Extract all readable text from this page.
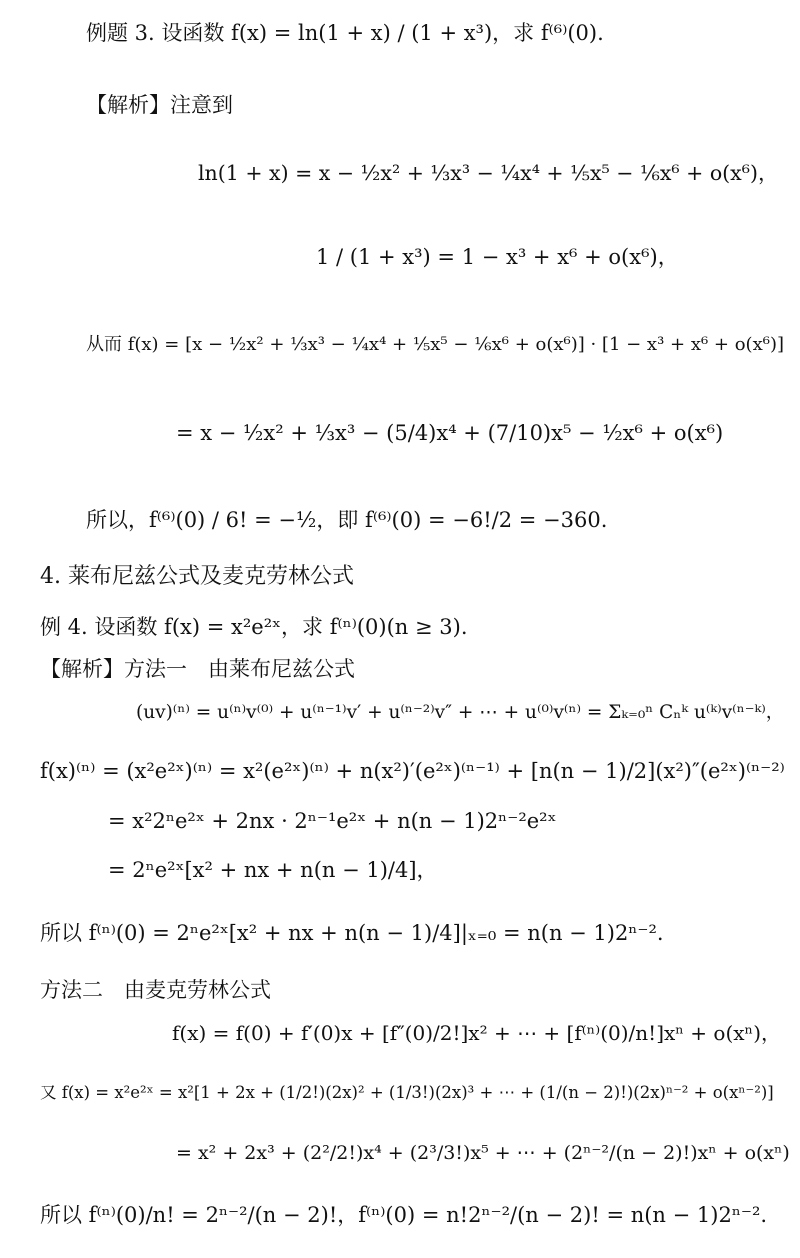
例题 3. 设函数 f(x) = ln(1 + x) / (1 + x³)，求 f⁽⁶⁾(0).
【解析】注意到
ln(1 + x) = x − ½x² + ⅓x³ − ¼x⁴ + ⅕x⁵ − ⅙x⁶ + o(x⁶)，
1 / (1 + x³) = 1 − x³ + x⁶ + o(x⁶)，
从而 f(x) = [x − ½x² + ⅓x³ − ¼x⁴ + ⅕x⁵ − ⅙x⁶ + o(x⁶)] · [1 − x³ + x⁶ + o(x⁶)]
= x − ½x² + ⅓x³ − (5/4)x⁴ + (7/10)x⁵ − ½x⁶ + o(x⁶)
所以，f⁽⁶⁾(0) / 6! = −½，即 f⁽⁶⁾(0) = −6!/2 = −360.
4. 莱布尼兹公式及麦克劳林公式
例 4. 设函数 f(x) = x²e²ˣ，求 f⁽ⁿ⁾(0)(n ≥ 3).
【解析】方法一　由莱布尼兹公式
(uv)⁽ⁿ⁾ = u⁽ⁿ⁾v⁽⁰⁾ + u⁽ⁿ⁻¹⁾v′ + u⁽ⁿ⁻²⁾v″ + ⋯ + u⁽⁰⁾v⁽ⁿ⁾ = Σₖ₌₀ⁿ Cₙᵏ u⁽ᵏ⁾v⁽ⁿ⁻ᵏ⁾，
f(x)⁽ⁿ⁾ = (x²e²ˣ)⁽ⁿ⁾ = x²(e²ˣ)⁽ⁿ⁾ + n(x²)′(e²ˣ)⁽ⁿ⁻¹⁾ + [n(n − 1)/2](x²)″(e²ˣ)⁽ⁿ⁻²⁾
= x²2ⁿe²ˣ + 2nx · 2ⁿ⁻¹e²ˣ + n(n − 1)2ⁿ⁻²e²ˣ
= 2ⁿe²ˣ[x² + nx + n(n − 1)/4]，
所以 f⁽ⁿ⁾(0) = 2ⁿe²ˣ[x² + nx + n(n − 1)/4]|ₓ₌₀ = n(n − 1)2ⁿ⁻².
方法二　由麦克劳林公式
f(x) = f(0) + f′(0)x + [f″(0)/2!]x² + ⋯ + [f⁽ⁿ⁾(0)/n!]xⁿ + o(xⁿ)，
又 f(x) = x²e²ˣ = x²[1 + 2x + (1/2!)(2x)² + (1/3!)(2x)³ + ⋯ + (1/(n − 2)!)(2x)ⁿ⁻² + o(xⁿ⁻²)]
= x² + 2x³ + (2²/2!)x⁴ + (2³/3!)x⁵ + ⋯ + (2ⁿ⁻²/(n − 2)!)xⁿ + o(xⁿ)
所以 f⁽ⁿ⁾(0)/n! = 2ⁿ⁻²/(n − 2)!，f⁽ⁿ⁾(0) = n!2ⁿ⁻²/(n − 2)! = n(n − 1)2ⁿ⁻².
